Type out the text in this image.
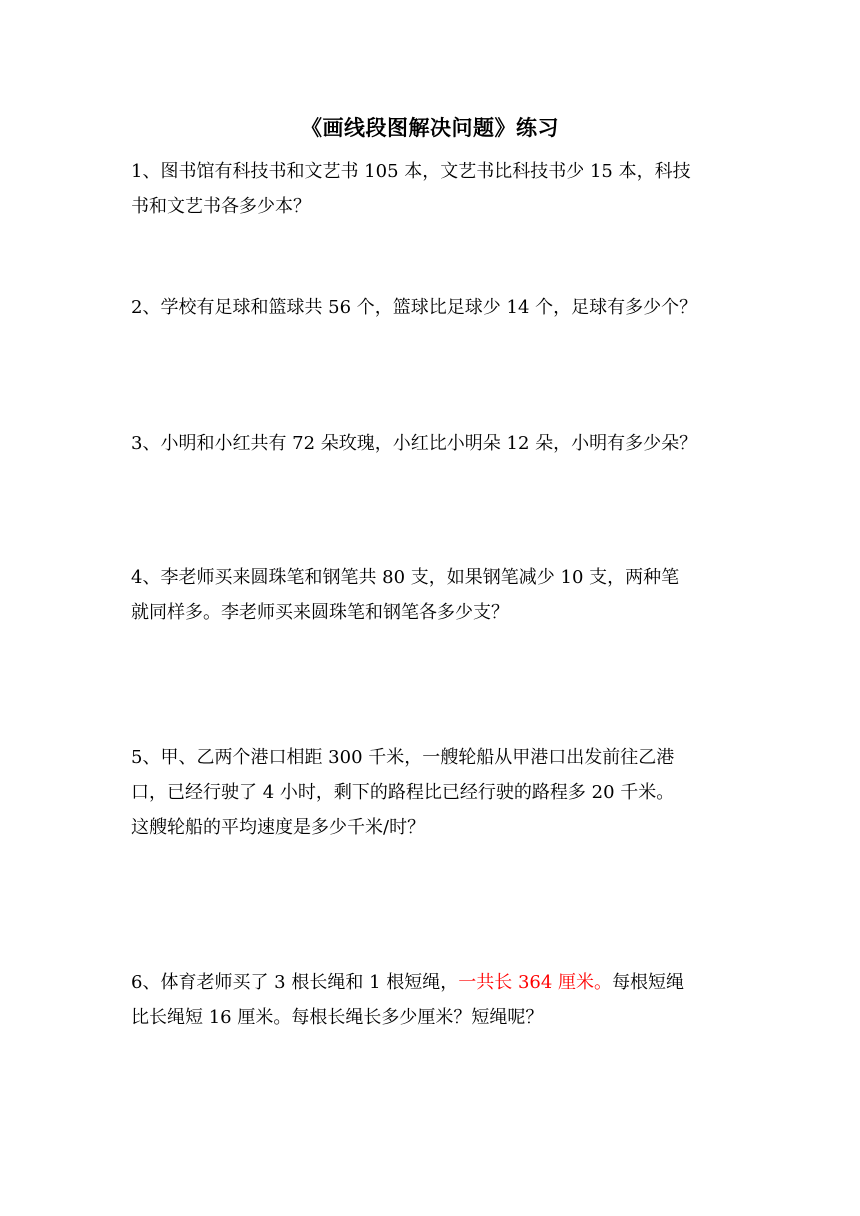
《画线段图解决问题》练习
1、图书馆有科技书和文艺书 105 本，文艺书比科技书少 15 本，科技
书和文艺书各多少本？
2、学校有足球和篮球共 56 个，篮球比足球少 14 个，足球有多少个？
3、小明和小红共有 72 朵玫瑰，小红比小明朵 12 朵，小明有多少朵？
4、李老师买来圆珠笔和钢笔共 80 支，如果钢笔减少 10 支，两种笔
就同样多。李老师买来圆珠笔和钢笔各多少支？
5、甲、乙两个港口相距 300 千米，一艘轮船从甲港口出发前往乙港
口，已经行驶了 4 小时，剩下的路程比已经行驶的路程多 20 千米。
这艘轮船的平均速度是多少千米/时？
6、体育老师买了 3 根长绳和 1 根短绳，一共长 364 厘米。每根短绳
比长绳短 16 厘米。每根长绳长多少厘米？短绳呢？
